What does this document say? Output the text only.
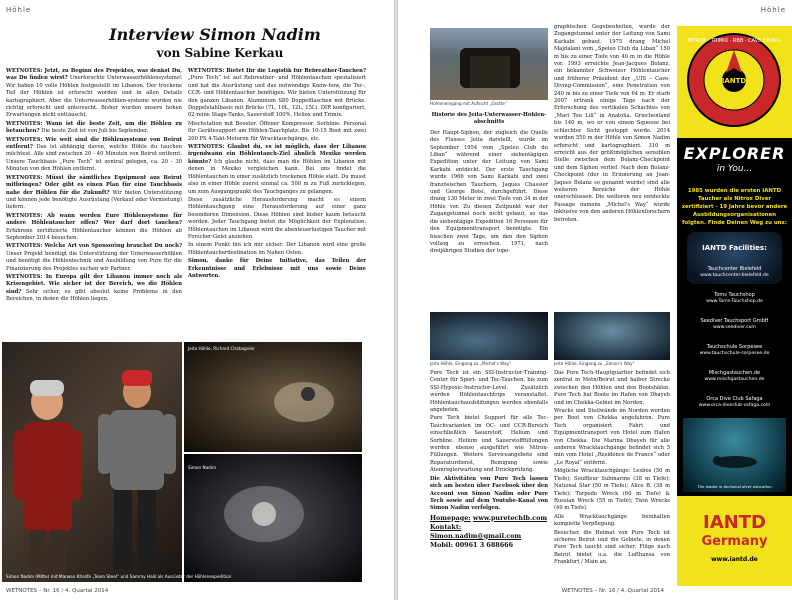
Höhle
Interview Simon Nadim
von Sabine Kerkau

WETNOTES: Jetzt, zu Beginn des Projektes, was denkst Du, was Du finden wirst? Unerforschte Unterwasserhöhlensysteme! Wir haben 10 volle Höhlen festgestellt im Libanon. Der trockene Teil der Höhlen ist erforscht worden und in allen Details kartographiert. Aber die Unterwasserhöhlen-systeme wurden nie richtig erforscht und untersucht. Bisher wurden unsere hohen Erwartungen nicht enttäuscht.

WETNOTES: Wann ist die beste Zeit, um die Höhlen zu betauchen? Die beste Zeit ist von Juli bis September.

WETNOTES: Wie weit sind die Höhlensysteme von Beirut entfernt? Das ist abhängig davon, welche Höhle du tauchen möchtest. Alle sind zwischen 20 - 40 Minuten von Beirut entfernt. Unsere Tauchbasis „Pure Tech“ ist zentral gelegen, ca. 20 - 30 Minuten von den Höhlen entfernt.

WETNOTES: Müsst ihr sämtliches Equipment aus Beirut mitbringen? Oder gibt es einen Plan für eine Tauchbasis nahe der Höhlen für die Zukunft? Wir bieten Unterstützung und können jede benötigte Ausrüstung (Verkauf oder Vermietung) liefern.

WETNOTES: Ab wann werden Eure Höhlensysteme für andere Höhlentaucher offen? Wer darf dort tauchen? Erfahrene zertifizierte Höhlentaucher können die Höhlen ab September 2014 besuchen.

WETNOTES: Welche Art von Sponsoring brauchst Du noch? Unser Projekt benötigt die Unterstützung der Unterwasserhöhlen und benötigt die Höhlentechnik und Ausbildung von Pure für die Finanzierung des Projektes suchen wir Partner.

WETNOTES: In Europa gilt der Libanon immer noch als Krisengebiet. Wie sicher ist der Bereich, wo die Höhlen sind? Sehr sicher, es gibt absolut keine Probleme in den Bereichen, in denen die Höhlen liegen.

WETNOTES: Bietet Ihr die Logistik für Rebreather-Tauchen? „Pure Tech“ ist auf Rebreather- und Höhlentauchen spezialisiert und hat die Ausrüstung und das notwendige Know-how, die Tec-, CCR- und Höhlentaucher benötigen. Wir bieten Unterstützung für den ganzen Libanon. Aluminium S80 Doppelflaschen mit Brücke. Doppelstahlbasis mit Brücke (7L, 10L, 12L, 15L). DIR konfiguriert, 02-reine Stage-Tanks, Sauerstoff 100%, Heliox und Trimix.

Mischstation mit Booster. Öffener Kompressor. Sorbline. Personal für Gerätesupport am Höhlen-Tauchplatz. Bis 10-15 Boot mit zwei 200 PS 4-Takt-Motoren für Wracktauchgänge, etc.

WETNOTES: Glaubst du, es ist möglich, dass der Libanon irgendwann ein Höhlentauch-Ziel ähnlich Mexiko werden könnte? Ich glaube nicht, dass man die Höhlen im Libanon mit denen in Mexiko vergleichen kann. Bei uns findet die Höhlentauchen in einer zusätzlich trockenen Höhle statt. Du musst also in einer Höhle zuerst einmal ca. 500 m zu Fuß zurücklegen, um zum Ausgangspunkt des Tauchganges zu gelangen.

Diese zusätzliche Herausforderung macht es einem Höhlentauchgang eine Herausforderung auf einer ganz besonderen Dimension. Diese Höhlen sind bisher kaum betaucht worden. Jeder Tauchgang bietet die Möglichkeit der Exploration. Höhlentauchen im Libanon wird die abenteuerlustigen Taucher mit Forscher-Geist anziehen.

In einem Punkt bin ich mir sicher: Der Libanon wird eine große Höhlentaucherdestination im Nahen Osten.

Simon, danke für Deine Initiative, das Teilen der Erkenntnisse und Erlebnisse mit uns sowie Deine Antworten.

Jeita Höhle, Richard Chataignier
Simon Nadim
Simon Nadim (Mitte) mit Marwan Khalife „Team Steel“ und Sammy Halil als Ausrüster der Höhlenexpedition
WETNOTES – Nr. 16 / 4. Quartal 2014
Höhle
Höhleneingang mit Aufsicht „Grotte“

Historie des Jeita-Unterwasser-Höhlenabschnitts

Der Haupt-Siphon, der zugleich die Quelle des Flusses Jeita darstellt, wurde im September 1954 vom „Speleo Club du Liban“ während einer siebentägigen Expedition unter der Leitung von Sami Karkabi entdeckt. Der erste Tauchgang wurde 1966 von Sami Karkabi und zwei französischen Tauchern, Jaques Chassier und George Boisi, durchgeführt. Diese drang 130 Meter in zwei Tiefe von 34 m der Höhle vor. Zu diesen Zeitpunkt war der Zugangstunnel noch nicht gebaut, so das die siebentägige Expedition 16 Personen für den Equipmenttransport benötigte. Ein bisschen zwei Tage, um den den Siphon vollzog zu erreichen. 1971, nach dreijährigen Studien der topo-

graphischen Gegebenheiten, wurde der Zugangstunnel unter der Leitung von Sami Karkabi gebaut. 1975 drang Michel Majdalani vom „Speleo Club du Liban“ 150 m bis zu einer Tiefe von 40 m in die Höhle vor. 1993 erreichte Jean-Jacques Bolanz, ein bekannter Schweizer Höhlentaucher und früherer Präsident der „UIS – Cave-Diving-Commission“, eine Penetration von 240 m bis zu einer Tiefe von 64 m. Er starb 2007 ertrank einige Tage nach der Erforschung des vertikalen Schachtes von „Mari Tou Lili“ in Anatolia. Griechenland bis 140 m, wo er von einem Squeeze bei schlechter Sicht gestoppt wurde. 2014 wurden 550 m der Höhle von Simon Nadim erforscht und kartographiert. 310 m erreicht aus der größtmöglichen sensiblen Stelle zwischen dem Bolanz-Checkpoint und dem Siphon verlief. Nach dem Bolanz-Checkpoint (der in Erinnerung an Jean-Jaques Bolanz so genannt wurde) sind alle weiteren Bereiche der Höhle unerschlossen. Die weiteren neu entdeckte Passage namens „Michel's Way“ wurde inklusive von den anderen Höhlenforschern betreten.

Jeita Höhle, Eingang zu „Michel's Way“	Jeita Höhle, Eingang zu „Simon's Way“

Pure Tech ist ein SSI-Instructor-Training-Center für Sport- und Tec-Tauchen, bis zum SSI-Hypoxic-Instructor-Level. Zusätzlich werden Höhlentauchtrips veranstaltet. Höhlentauchausbildungen werden ebenfalls angeboten.

Pure Tech bietet Support für alle Tec-Tauchvarianten im OC- und CCR-Bereich einschließlich Sauerstoff, Helium und Sorbline. Helium und Sauerstofffüllungen werden ebenso ausgeführt wie Nitrox-Füllungen. Weitere Serviceangebote sind Reparaturdienst, Reinigung sowie Atemreglerwartung und Druckprüfung.

Die Aktivitäten von Pure Tech lassen sich am besten über Facebook über den Account von Simon Nadim oder Pure Tech sowie auf dem Youtube-Kanal von Simon Nadim verfolgen.

Homepage: www.puretechlb.com

Kontakt:

Simon.nadim@gmail.com

Mobil: 00961 3 688666

Das Pure Tech-Hauptquartier befindet sich zentral in Metn/Beirut und halber Strecke zwischen den Höhlen und den Bootshäfen. Pure Tech hat Boote im Hafen von Dbayeh und im Chekka-Gebiet im Norden.

Wracks und Steilwände im Norden werden per Boot von Chekka angefahren. Pure Tech organisiert Fahrt und Equipmenttransport von Hotel zum Hafen von Chekka. Die Marina Dbayeh für alle anderen Wracktauchgänge befindet sich 5 min vom Hotel „Residence de France“ oder „Le Royal“ entfernt.

Mögliche Wracktauchgänge: Lesbos (50 m Tiefe); Souffleur Submarine (38 m Tiefe); National Star (50 m Tiefe); Alice B. (38 m Tiefe); Torpedo Wreck (60 m Tiefe) & Russian Wreck (55 m Tiefe); Twin Wrecks (40 m Tiefe).

Alle Wracktauchgänge beinhalten komplette Verpflegung.

Besucher, die Heimat von Pure Tech ist sicheres Beirut und die Gebiete, in denen Pure Tech taucht sind sicher. Flüge nach Beirut bietet u.a. die Lufthansa von Frankfurt / Main an.

WETNOTES – Nr. 16 / 4. Quartal 2014
NITROX · TRIMIX · RBB · CAVE DIVING
IANTD
EXPLORER
in You...
1985 wurden die ersten IANTD
Taucher als Nitrox Diver
zertifiziert - 19 Jahre bevor andere
Ausbildungsorganisationen
folgten. Finde Deinen Weg zu uns:
IANTD Facilities:
Tauchcenter Bielefeld
www.tauchcenter-bielefeld.de
Toms Tauchshop
www.Toms-Tauchshop.de
Seediver Tauchsport GmbH
www.seediver.com
Tauchschule Sorpesee
www.tauchschule-sorpesee.de
Mischgastauchen.de
www.mischgastauchen.de
Orca Dive Club Safaga
www.orca-diveclub-safaga.com
The leader in technical diver education
IANTD
Germany
www.iantd.de
